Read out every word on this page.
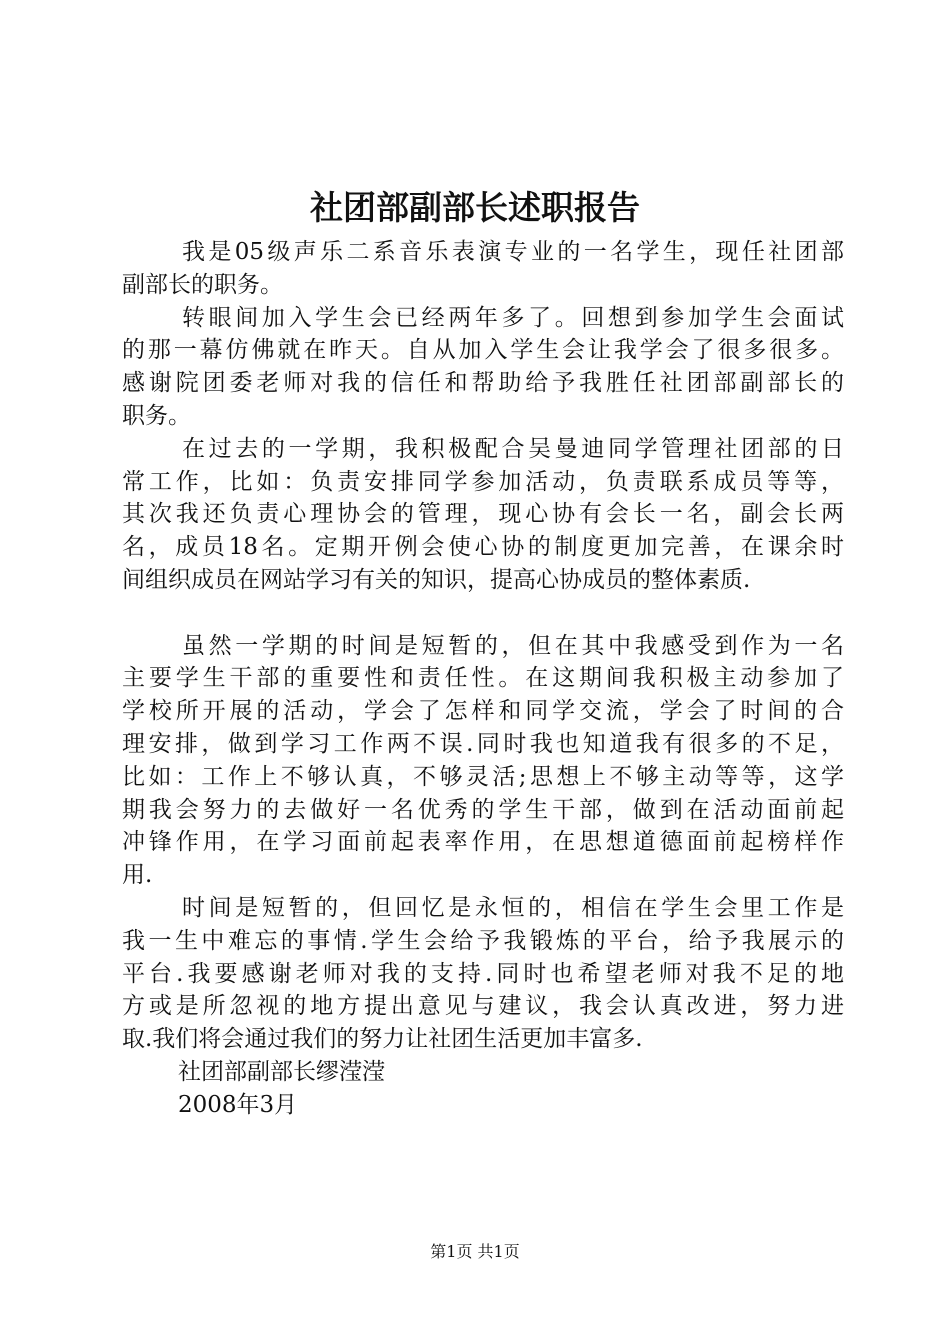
社团部副部长述职报告

我是05级声乐二系音乐表演专业的一名学生，现任社团部
副部长的职务。

转眼间加入学生会已经两年多了。回想到参加学生会面试
的那一幕仿佛就在昨天。自从加入学生会让我学会了很多很多。
感谢院团委老师对我的信任和帮助给予我胜任社团部副部长的
职务。

在过去的一学期，我积极配合吴曼迪同学管理社团部的日
常工作，比如：负责安排同学参加活动，负责联系成员等等，
其次我还负责心理协会的管理，现心协有会长一名，副会长两
名，成员18名。定期开例会使心协的制度更加完善，在课余时
间组织成员在网站学习有关的知识，提高心协成员的整体素质.

虽然一学期的时间是短暂的，但在其中我感受到作为一名
主要学生干部的重要性和责任性。在这期间我积极主动参加了
学校所开展的活动，学会了怎样和同学交流，学会了时间的合
理安排，做到学习工作两不误.同时我也知道我有很多的不足，
比如：工作上不够认真，不够灵活;思想上不够主动等等，这学
期我会努力的去做好一名优秀的学生干部，做到在活动面前起
冲锋作用，在学习面前起表率作用，在思想道德面前起榜样作
用.

时间是短暂的，但回忆是永恒的，相信在学生会里工作是
我一生中难忘的事情.学生会给予我锻炼的平台，给予我展示的
平台.我要感谢老师对我的支持.同时也希望老师对我不足的地
方或是所忽视的地方提出意见与建议，我会认真改进，努力进
取.我们将会通过我们的努力让社团生活更加丰富多.

社团部副部长缪滢滢

2008年3月

第1页 共1页
